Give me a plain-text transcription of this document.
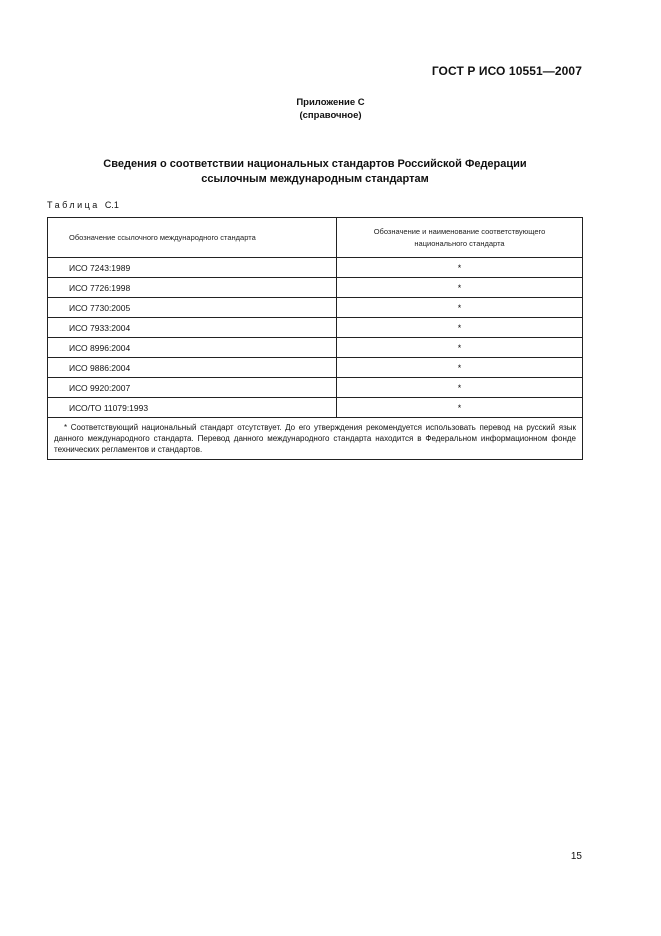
ГОСТ Р ИСО 10551—2007
Приложение С
(справочное)
Сведения о соответствии национальных стандартов Российской Федерации
ссылочным международным стандартам
Таблица С.1
Обозначение ссылочного международного стандарта	Обозначение и наименование соответствующего
национального стандарта

ИСО 7243:1989	*
ИСО 7726:1998	*
ИСО 7730:2005	*
ИСО 7933:2004	*
ИСО 8996:2004	*
ИСО 9886:2004	*
ИСО 9920:2007	*
ИСО/ТО 11079:1993	*
* Соответствующий национальный стандарт отсутствует. До его утверждения рекомендуется использовать перевод на русский язык данного международного стандарта. Перевод данного международного стандарта находится в Федеральном информационном фонде технических регламентов и стандартов.	
15
